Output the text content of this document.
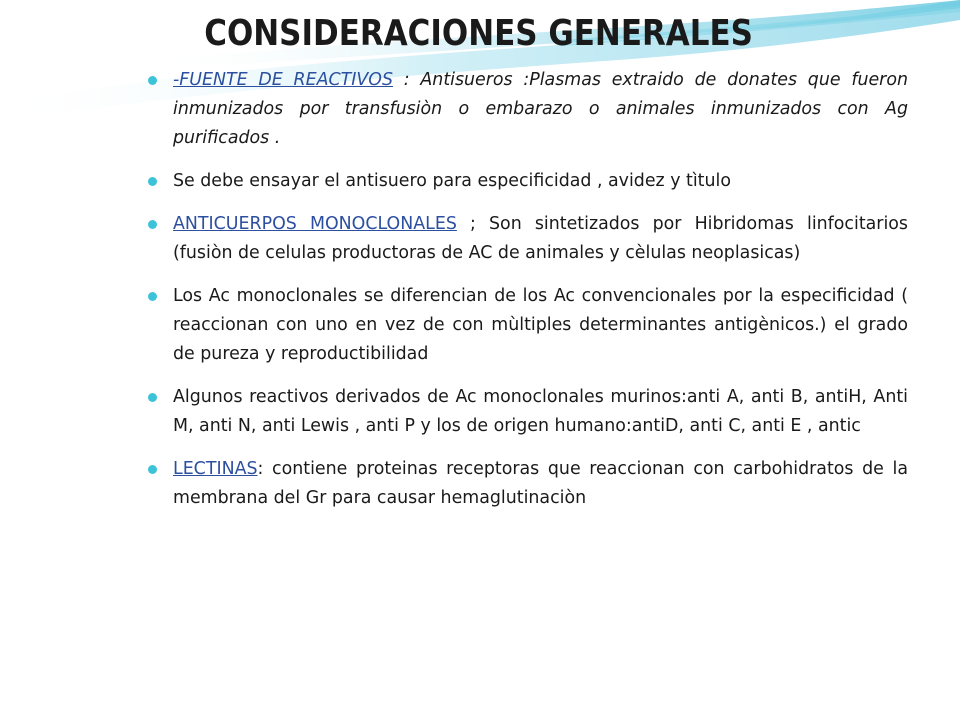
CONSIDERACIONES GENERALES
-FUENTE DE REACTIVOS : Antisueros :Plasmas extraido de donates que fueron inmunizados por transfusiòn o embarazo o animales inmunizados con Ag purificados .
Se debe ensayar el antisuero para especificidad , avidez y tìtulo
ANTICUERPOS MONOCLONALES ; Son sintetizados por Hibridomas linfocitarios (fusiòn de celulas productoras de AC de animales y cèlulas neoplasicas)
Los Ac monoclonales se diferencian de los Ac convencionales por la especificidad ( reaccionan con uno en vez de con mùltiples determinantes antigènicos.) el grado de pureza y reproductibilidad
Algunos reactivos derivados de Ac monoclonales murinos:anti A, anti B, antiH, Anti M, anti N, anti Lewis , anti P y los de origen humano:antiD, anti C, anti E , antic
LECTINAS: contiene proteinas receptoras que reaccionan con carbohidratos de la membrana del Gr para causar hemaglutinaciòn
